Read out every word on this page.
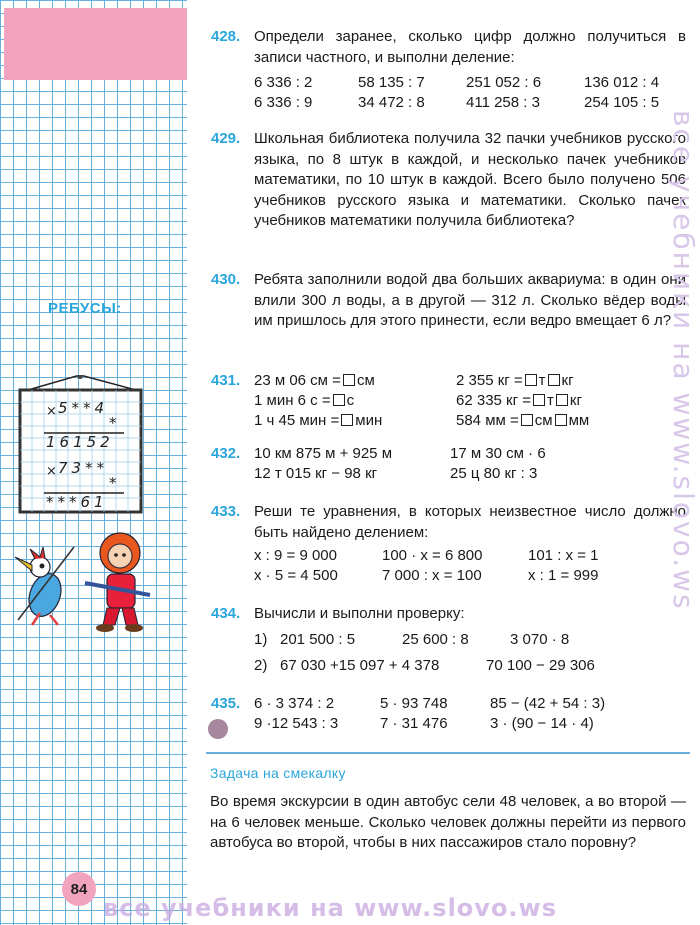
РЕБУСЫ:
× 5**4
*
16152
× 73**
*
***61
84
428. Определи заранее, сколько цифр должно получиться в записи частного, и выполни деление:
6 336 : 2	58 135 : 7	251 052 : 6	136 012 : 4
6 336 : 9	34 472 : 8	411 258 : 3	254 105 : 5
429. Школьная библиотека получила 32 пачки учебников русского языка, по 8 штук в каждой, и несколько пачек учебников математики, по 10 штук в каждой. Всего было получено 506 учебников русского языка и математики. Сколько пачек учебников математики получила библиотека?
430. Ребята заполнили водой два больших аквариума: в один они влили 300 л воды, а в другой — 312 л. Сколько вёдер воды им пришлось для этого принести, если ведро вмещает 6 л?
431. 23 м 06 см = см	2 355 кг = т кг
1 мин 6 с = с	62 335 кг = т кг
1 ч 45 мин = мин	584 мм = см мм
432. 10 км 875 м + 925 м	17 м 30 см · 6
12 т 015 кг − 98 кг	25 ц 80 кг : 3
433. Реши те уравнения, в которых неизвестное число должно быть найдено делением:
x : 9 = 9 000	100 · x = 6 800	101 : x = 1
x · 5 = 4 500	7 000 : x = 100	x : 1 = 999
434. Вычисли и выполни проверку:
1) 201 500 : 5	25 600 : 8	3 070 · 8
2) 67 030 +15 097 + 4 378	70 100 − 29 306
435. 6 · 3 374 : 2	5 · 93 748	85 − (42 + 54 : 3)
9 ·12 543 : 3	7 · 31 476	3 · (90 − 14 · 4)
Задача на смекалку
Во время экскурсии в один автобус сели 48 человек, а во второй — на 6 человек меньше. Сколько человек должны перейти из первого автобуса во второй, чтобы в них пассажиров стало поровну?
все учебники на www.slovo.ws
все учебники на www.slovo.ws
